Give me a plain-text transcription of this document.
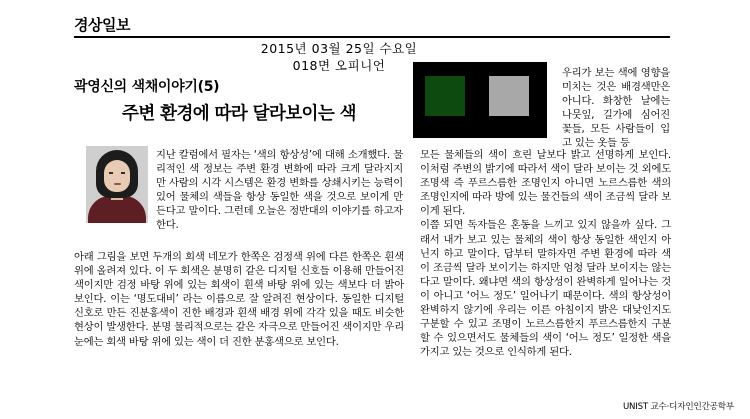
경상일보
2015년 03월 25일 수요일
018면 오피니언
곽영신의 색채이야기(5)
주변 환경에 따라 달라보이는 색

지난 칼럼에서 필자는 ‘색의 항상성’에 대해 소개했다. 물리적인 색 정보는 주변 환경 변화에 따라 크게 달라지지만 사람의 시각 시스템은 환경 변화를 상쇄시키는 능력이 있어 물체의 색들을 항상 동일한 색을 것으로 보이게 만든다고 말이다. 그런데 오늘은 정반대의 이야기를 하고자 한다.

아래 그림을 보면 두개의 회색 네모가 한쪽은 검정색 위에 다른 한쪽은 흰색 위에 올려져 있다. 이 두 회색은 분명히 같은 디지털 신호들 이용해 만들어진 색이지만 검정 바탕 위에 있는 회색이 흰색 바탕 위에 있는 색보다 더 밝아 보인다. 이는 ‘명도대비’ 라는 이름으로 잘 알려진 현상이다. 동일한 디지털 신호로 만든 진분홍색이 진한 배경과 흰색 배경 위에 각각 있을 때도 비슷한 현상이 발생한다. 분명 물리적으로는 같은 자극으로 만들어진 색이지만 우리 눈에는 회색 바탕 위에 있는 색이 더 진한 분홍색으로 보인다.

우리가 보는 색에 영향을 미치는 것은 배경색만은 아니다. 화창한 날에는 나뭇잎, 길가에 심어진 꽃들, 모든 사람들이 입고 있는 옷들 등

모든 물체들의 색이 흐린 날보다 밝고 선명하게 보인다. 이처럼 주변의 밝기에 따라서 색이 달라 보이는 것 외에도 조명색 즉 푸르스름한 조명인지 아니면 노르스름한 색의 조명인지에 따라 방에 있는 물건들의 색이 조금씩 달라 보이게 된다.

이쯤 되면 독자들은 혼동을 느끼고 있지 않을까 싶다. 그래서 내가 보고 있는 물체의 색이 항상 동일한 색인지 아닌지 하고 말이다. 답부터 말하자면 주변 환경에 따라 색이 조금씩 달라 보이기는 하지만 엄청 달라 보이지는 않는다고 말이다. 왜냐면 색의 항상성이 완벽하게 일어나는 것이 아니고 ‘어느 정도’ 일어나기 때문이다. 색의 항상성이 완벽하지 않기에 우리는 이른 아침이지 밝은 대낮인지도 구분할 수 있고 조명이 노르스름한지 푸르스름한지 구분할 수 있으면서도 물체들의 색이 ‘어느 정도’ 일정한 색을 가지고 있는 것으로 인식하게 된다.

UNIST 교수·디자인인간공학부
